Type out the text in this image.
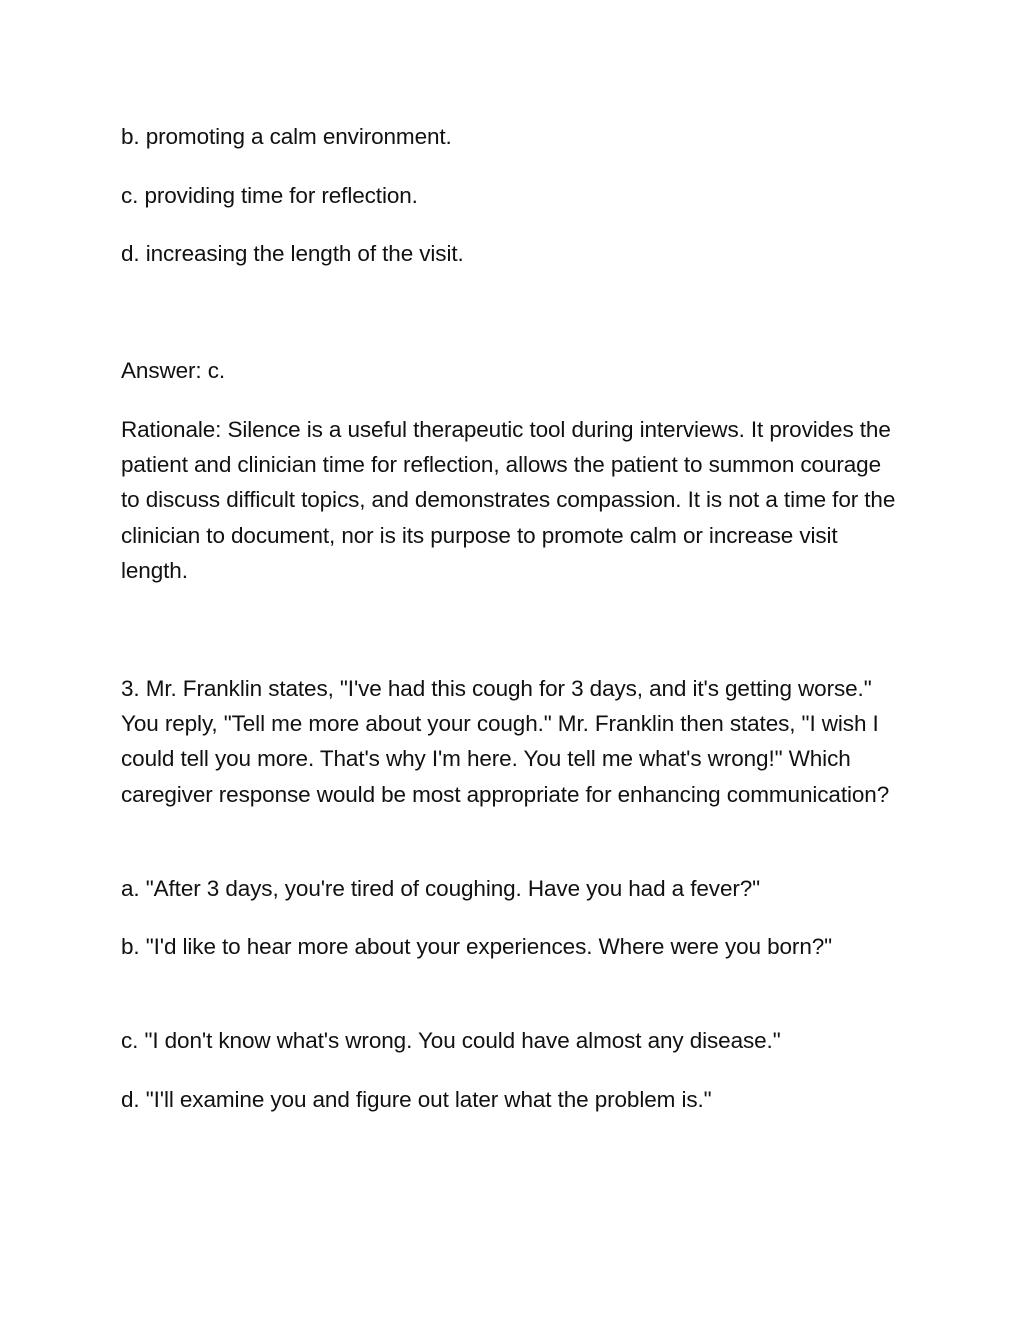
b. promoting a calm environment.

c. providing time for reflection.

d. increasing the length of the visit.

Answer: c.

Rationale: Silence is a useful therapeutic tool during interviews. It provides the patient and clinician time for reflection, allows the patient to summon courage to discuss difficult topics, and demonstrates compassion. It is not a time for the clinician to document, nor is its purpose to promote calm or increase visit length.

3. Mr. Franklin states, "I've had this cough for 3 days, and it's getting worse." You reply, "Tell me more about your cough." Mr. Franklin then states, "I wish I could tell you more. That's why I'm here. You tell me what's wrong!" Which caregiver response would be most appropriate for enhancing communication?

a. "After 3 days, you're tired of coughing. Have you had a fever?"

b. "I'd like to hear more about your experiences. Where were you born?"

c. "I don't know what's wrong. You could have almost any disease."

d. "I'll examine you and figure out later what the problem is."
